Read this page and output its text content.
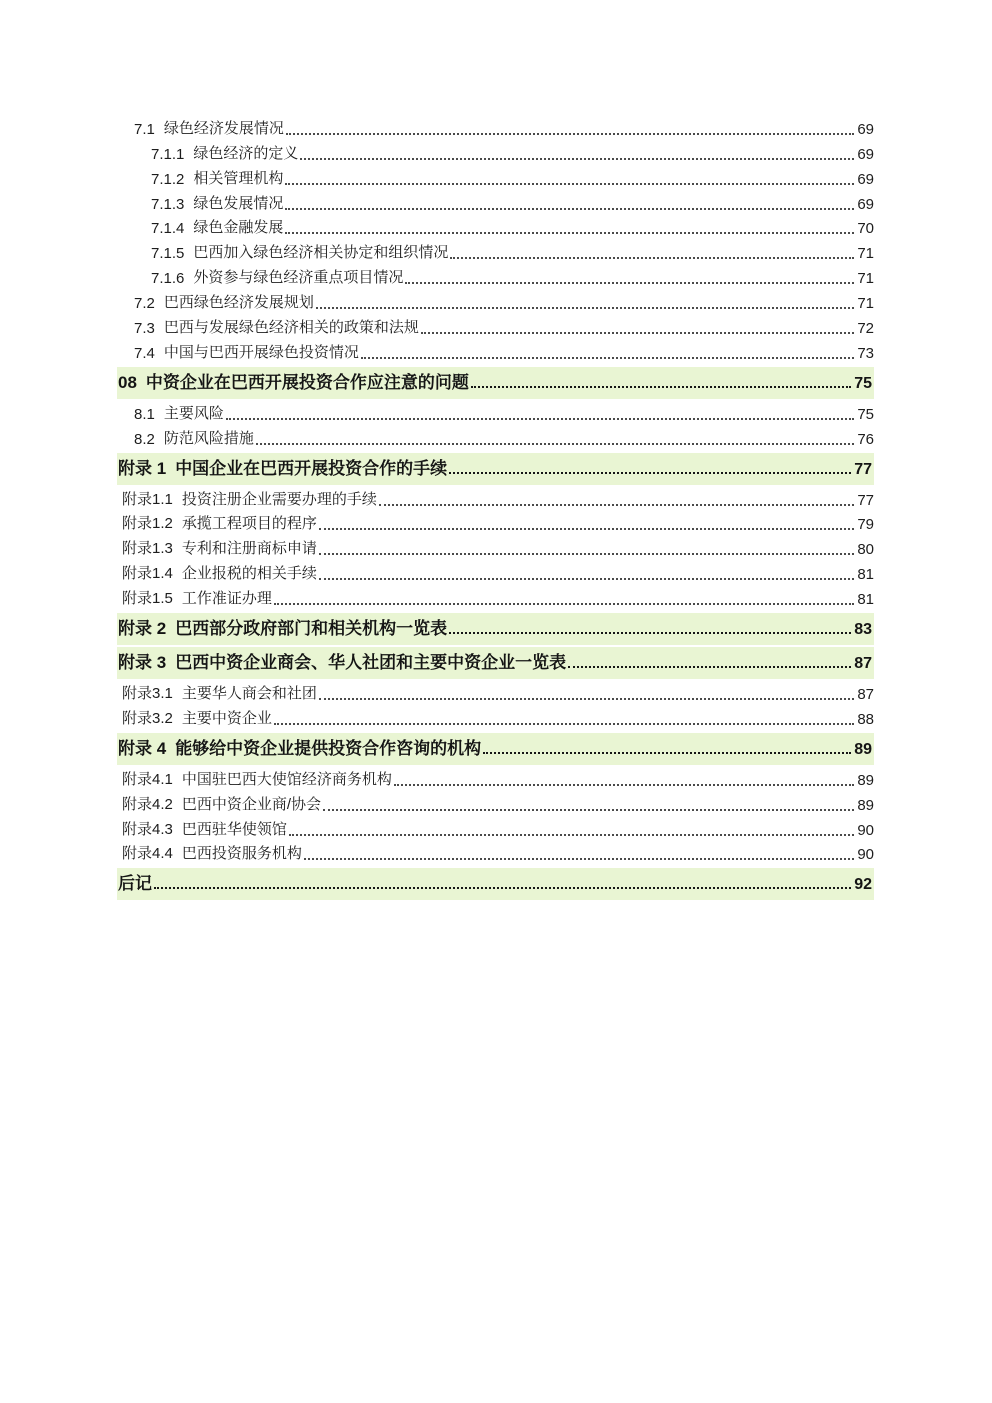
7.1 绿色经济发展情况	69
7.1.1 绿色经济的定义	69
7.1.2 相关管理机构	69
7.1.3 绿色发展情况	69
7.1.4 绿色金融发展	70
7.1.5 巴西加入绿色经济相关协定和组织情况	71
7.1.6 外资参与绿色经济重点项目情况	71
7.2 巴西绿色经济发展规划	71
7.3 巴西与发展绿色经济相关的政策和法规	72
7.4 中国与巴西开展绿色投资情况	73
08 中资企业在巴西开展投资合作应注意的问题	75
8.1 主要风险	75
8.2 防范风险措施	76
附录 1 中国企业在巴西开展投资合作的手续	77
附录1.1 投资注册企业需要办理的手续	77
附录1.2 承揽工程项目的程序	79
附录1.3 专利和注册商标申请	80
附录1.4 企业报税的相关手续	81
附录1.5 工作准证办理	81
附录 2 巴西部分政府部门和相关机构一览表	83
附录 3 巴西中资企业商会、华人社团和主要中资企业一览表	87
附录3.1 主要华人商会和社团	87
附录3.2 主要中资企业	88
附录 4 能够给中资企业提供投资合作咨询的机构	89
附录4.1 中国驻巴西大使馆经济商务机构	89
附录4.2 巴西中资企业商/协会	89
附录4.3 巴西驻华使领馆	90
附录4.4 巴西投资服务机构	90
后记	92
